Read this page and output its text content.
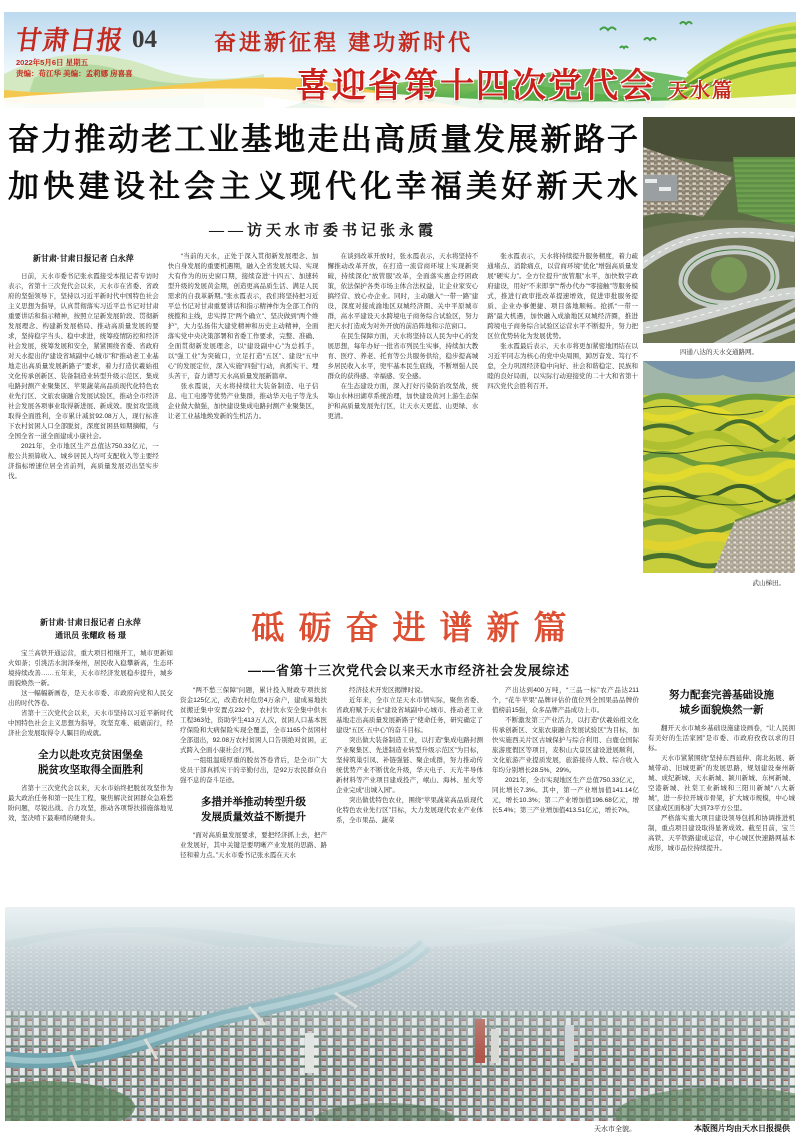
甘肃日报 04
2022年5月6日 星期五
责编：苟江华 美编：孟莉娜 房喜喜
奋进新征程 建功新时代
喜迎省第十四次党代会 天水篇
奋力推动老工业基地走出高质量发展新路子
加快建设社会主义现代化幸福美好新天水
——访天水市委书记张永霞
新甘肃·甘肃日报记者 白永萍

日前，天水市委书记张永霞接受本报记者专访时表示，省第十三次党代会以来，天水市在省委、省政府的坚强领导下，坚持以习近平新时代中国特色社会主义思想为指导，认真贯彻落实习近平总书记对甘肃重要讲话和指示精神，按照立足新发展阶段、贯彻新发展理念、构建新发展格局、推动高质量发展的要求，坚持稳字当头、稳中求进，统筹疫情防控和经济社会发展，统筹发展和安全，紧紧围绕省委、省政府对天水提出的“建设省域副中心城市”和“推动老工业基地走出高质量发展新路子”要求，着力打造伏羲始祖文化传承创新区、装备制造业转型升级示范区、集成电路封测产业聚集区、苹果蔬菜高品质现代化特色农业先行区、文旅农康融合发展试验区，推动全市经济社会发展各项事业取得新进展、新成效。脱贫攻坚战取得全面胜利，全市累计减贫92.08万人，现行标准下农村贫困人口全部脱贫，深度贫困县如期摘帽，与全国全省一道全面建成小康社会。

2021年，全市地区生产总值达750.33亿元，一般公共预算收入、城乡居民人均可支配收入等主要经济指标增速位居全省前列，高质量发展迈出坚实步伐。

“当前的天水，正处于深入贯彻新发展理念、加快自身发展的重要机遇期，融入全省发展大局、实现大有作为的历史窗口期，接续奋进‘十四五’、加速转型升级的发展黄金期，创造更高品质生活、满足人民需求的自我革新期。”张永霞表示，我们将坚持把习近平总书记对甘肃重要讲话和指示精神作为全部工作的统揽和主线，忠实捍卫“两个确立”、坚决做到“两个维护”，大力弘扬伟大建党精神和历史主动精神，全面落实党中央决策部署和省委工作要求，完整、准确、全面贯彻新发展理念，以“建设副中心”为总抓手，以“强工业”为突破口，立足打造“五区”、建设“五中心”的发展定位，深入实施“四强”行动，真抓实干、埋头苦干，奋力谱写天水高质量发展新篇章。

张永霞说，天水将持续壮大装备制造、电子信息、电工电器等优势产业集群，推动华天电子等龙头企业做大做强，加快建设集成电路封测产业聚集区，让老工业基地焕发新的生机活力。

在谈到改革开放时，张永霞表示，天水将坚持不懈推动改革开放，在打造一流营商环境上实现新突破，持续深化“放管服”改革，全面落实惠企纾困政策，依法保护各类市场主体合法权益，让企业家安心搞经营、放心办企业。同时，主动融入“一带一路”建设，深度对接成渝地区双城经济圈、关中平原城市群，高水平建设天水跨境电子商务综合试验区，努力把天水打造成为对外开放的前沿阵地和示范窗口。

在民生保障方面，天水将坚持以人民为中心的发展思想，每年办好一批省市列民生实事，持续加大教育、医疗、养老、托育等公共服务供给，稳步提高城乡居民收入水平，兜牢基本民生底线，不断增强人民群众的获得感、幸福感、安全感。

在生态建设方面，深入打好污染防治攻坚战，统筹山水林田湖草系统治理，加快建设黄河上游生态保护和高质量发展先行区，让天水天更蓝、山更绿、水更清。

张永霞表示，天水将持续提升服务精度，着力疏通堵点、消除痛点，以营商环境“优化”增强高质量发展“硬实力”。全方位提升“放管服”水平，加快数字政府建设，用好“不来即享”“帮办代办”“零接触”等服务模式，推进行政审批改革提速增效，促进审批服务提质、企业办事便捷、项目落地顺畅。抢抓“一带一路”最大机遇，加快融入成渝地区双城经济圈，推进跨境电子商务综合试验区运营水平不断提升，努力把区位优势转化为发展优势。

张永霞最后表示，天水市将更加紧密地团结在以习近平同志为核心的党中央周围，踔厉奋发、笃行不怠，全力巩固经济稳中向好、社会和谐稳定、民族和睦的良好局面，以实际行动迎接党的二十大和省第十四次党代会胜利召开。

四通八达的天水交通路网。
武山梯田。
新甘肃·甘肃日报记者 白永萍
通讯员 张耀政 杨 璟

宝兰高铁开通运营，重大项目相继开工，城市更新如火如荼；引洮活水润泽秦州，居民收入稳攀新高，生态环境持续改善……五年来，天水市经济发展稳步提升，城乡面貌焕然一新。

这一幅幅新画卷，是天水市委、市政府向党和人民交出的时代答卷。

省第十三次党代会以来，天水市坚持以习近平新时代中国特色社会主义思想为指导，攻坚克难、砥砺前行，经济社会发展取得令人瞩目的成就。

全力以赴攻克贫困堡垒
脱贫攻坚取得全面胜利

省第十三次党代会以来，天水市始终把脱贫攻坚作为最大政治任务和第一民生工程，聚焦解决贫困群众急难愁盼问题，尽锐出战、合力攻坚，推动各项帮扶措施落地见效，坚决啃下最难啃的硬骨头。

砥砺奋进谱新篇
——省第十三次党代会以来天水市经济社会发展综述

“两不愁三保障”问题，累计投入财政专项扶贫资金125亿元，改造农村危房4万余户，建成易地扶贫搬迁集中安置点232个，农村饮水安全集中供水工程363处，资助学生413万人次，贫困人口基本医疗保险和大病保险实现全覆盖，全市1165个贫困村全部退出，92.08万农村贫困人口告别绝对贫困，正式跨入全面小康社会行列。

一组组温暖厚重的脱贫答卷背后，是全市广大党员干部真抓实干的辛勤付出，是92万农民群众自强不息的奋斗足迹。

多措并举推动转型升级
发展质量效益不断提升

“面对高质量发展要求，要把经济抓上去，把产业发展好，其中关键是要明晰产业发展的思路、路径和着力点。”天水市委书记张永霞在天水

经济技术开发区揭牌时说。

近年来，全市立足天水市情实际，聚焦省委、省政府赋予天水“建设省域副中心城市、推动老工业基地走出高质量发展新路子”使命任务，研究确定了建设“五区·五中心”的奋斗目标。

突出做大装备制造工业，以打造“集成电路封测产业聚集区、先进制造业转型升级示范区”为目标，坚持筑巢引凤、补链强链、聚企成群，努力推动传统优势产业不断优化升级，华天电子、天光半导体新材料等产业项目建成投产，岷山、海林、星火等企业完成“出城入园”。

突出做优特色农业，围绕“苹果蔬菜高品质现代化特色农业先行区”目标，大力发展现代农业产业体系，全市果品、蔬菜

产出达到400万吨，“三品一标”农产品达211个，“花牛苹果”品牌评估价值位列全国果品品牌价值榜前15强，众多品牌产品成功上市。

不断激发第三产业活力，以打造“伏羲始祖文化传承创新区、文旅农康融合发展试验区”为目标，加快实施西关片区古城保护与综合利用、白鹿仓国际旅游度假区等项目，麦积山大景区建设进展顺利，文化旅游产业提质发展，旅游接待人数、综合收入年均分别增长28.5%、29%。

2021年，全市实现地区生产总值750.33亿元，同比增长7.3%。其中，第一产业增加值141.14亿元，增长10.3%；第二产业增加值196.68亿元，增长5.4%；第三产业增加值413.51亿元，增长7%。

努力配套完善基础设施
城乡面貌焕然一新

翻开天水市城乡基础设施建设画卷，“让人民拥有美好的生活家园”是市委、市政府孜孜以求的目标。

天水市紧紧围绕“坚持东西延伸、南北拓展、新城带动、旧城更新”的发展思路，规划建设秦州新城、成纪新城、天水新城、颍川新城、东柯新城、空港新城、社棠工业新城和三阳川新城“八大新城”，进一步拉开城市骨架，扩大城市规模，中心城区建成区面积扩大到73平方公里。

严格落实重大项目建设领导包抓和协调推进机制，重点项目建设取得显著成效。截至目前，宝兰高铁、天平铁路建成运营，中心城区快速路网基本成形，城市品位持续提升。

天水市全貌。	本版图片均由天水日报提供
